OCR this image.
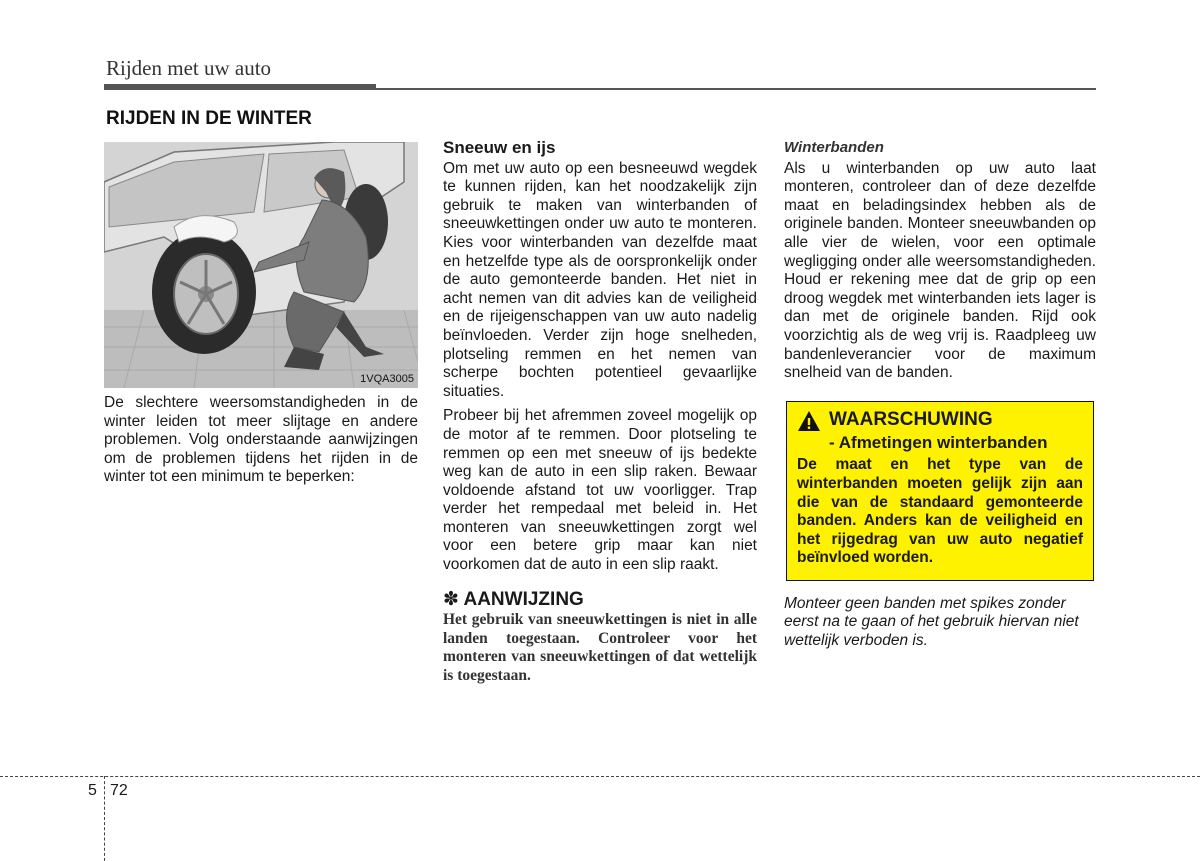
Rijden met uw auto
RIJDEN IN DE WINTER
1VQA3005

De slechtere weersomstandigheden in de winter leiden tot meer slijtage en andere problemen. Volg onderstaande aanwijzingen om de problemen tijdens het rijden in de winter tot een minimum te beperken:

Sneeuw en ijs

Om met uw auto op een besneeuwd wegdek te kunnen rijden, kan het noodzakelijk zijn gebruik te maken van winterbanden of sneeuwkettingen onder uw auto te monteren. Kies voor winterbanden van dezelfde maat en hetzelfde type als de oorspronkelijk onder de auto gemonteerde banden. Het niet in acht nemen van dit advies kan de veiligheid en de rijeigenschappen van uw auto nadelig beïnvloeden. Verder zijn hoge snelheden, plotseling remmen en het nemen van scherpe bochten potentieel gevaarlijke situaties.

Probeer bij het afremmen zoveel mogelijk op de motor af te remmen. Door plotseling te remmen op een met sneeuw of ijs bedekte weg kan de auto in een slip raken. Bewaar voldoende afstand tot uw voorligger. Trap verder het rempedaal met beleid in. Het monteren van sneeuwkettingen zorgt wel voor een betere grip maar kan niet voorkomen dat de auto in een slip raakt.

✽ AANWIJZING
Het gebruik van sneeuwkettingen is niet in alle landen toegestaan. Controleer voor het monteren van sneeuwkettingen of dat wettelijk is toegestaan.
Winterbanden

Als u winterbanden op uw auto laat monteren, controleer dan of deze dezelfde maat en beladingsindex hebben als de originele banden. Monteer sneeuwbanden op alle vier de wielen, voor een optimale wegligging onder alle weersomstandigheden. Houd er rekening mee dat de grip op een droog wegdek met winterbanden iets lager is dan met de originele banden. Rijd ook voorzichtig als de weg vrij is. Raadpleeg uw bandenleverancier voor de maximum snelheid van de banden.

WAARSCHUWING
- Afmetingen winterbanden
De maat en het type van de winterbanden moeten gelijk zijn aan die van de standaard gemonteerde banden. Anders kan de veiligheid en het rijgedrag van uw auto negatief beïnvloed worden.

Monteer geen banden met spikes zonder eerst na te gaan of het gebruik hiervan niet wettelijk verboden is.

5 72
